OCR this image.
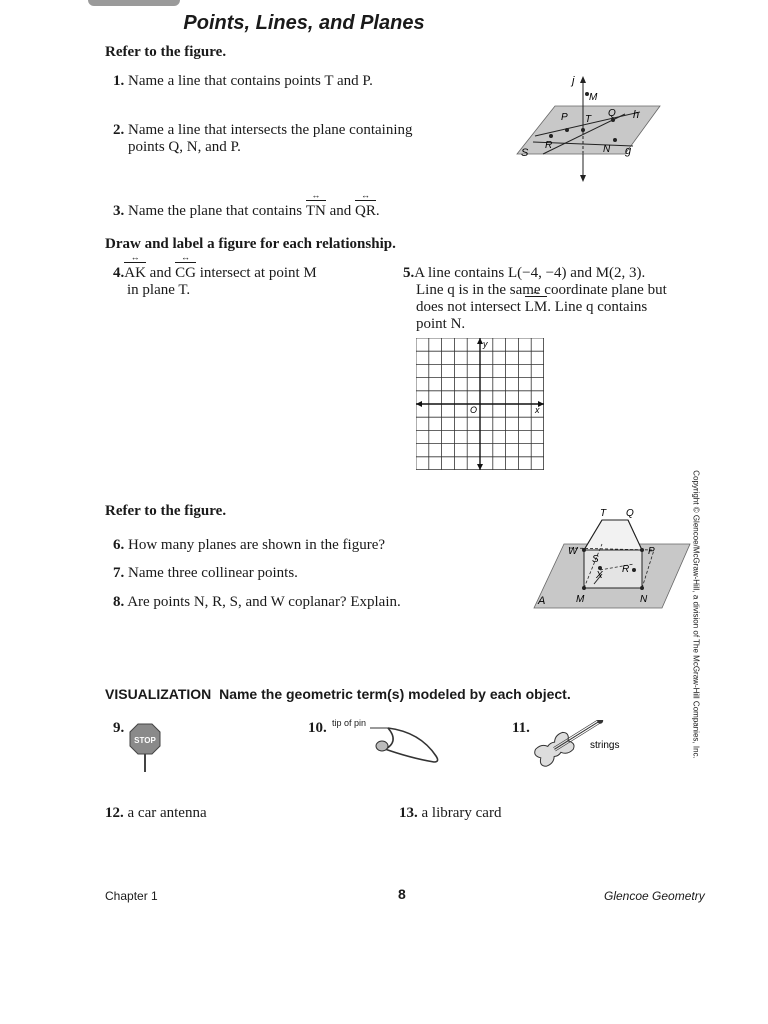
Points, Lines, and Planes
Refer to the figure.
1. Name a line that contains points T and P.
2. Name a line that intersects the plane containing
points Q, N, and P.
3. Name the plane that contains TN ↔ and QR ↔.
j
M
P T
Q h
R	N
S	g
Draw and label a figure for each relationship.
4.AK ↔ and CG ↔ intersect at point M
in plane T.
5.A line contains L(−4, −4) and M(2, 3).
Line q is in the same coordinate plane but
does not intersect LM ↔. Line q contains
point N.
y
x
O
Refer to the figure.
6. How many planes are shown in the figure?
7. Name three collinear points.
8. Are points N, R, S, and W coplanar? Explain.
T Q
W
S
P
X
R
A	M	N
VISUALIZATION Name the geometric term(s) modeled by each object.
9.
STOP
10. tip of pin	11.
strings
12. a car antenna	13. a library card
Chapter 1	8	Glencoe Geometry
Copyright © Glencoe/McGraw-Hill, a division of The McGraw-Hill Companies, Inc.
